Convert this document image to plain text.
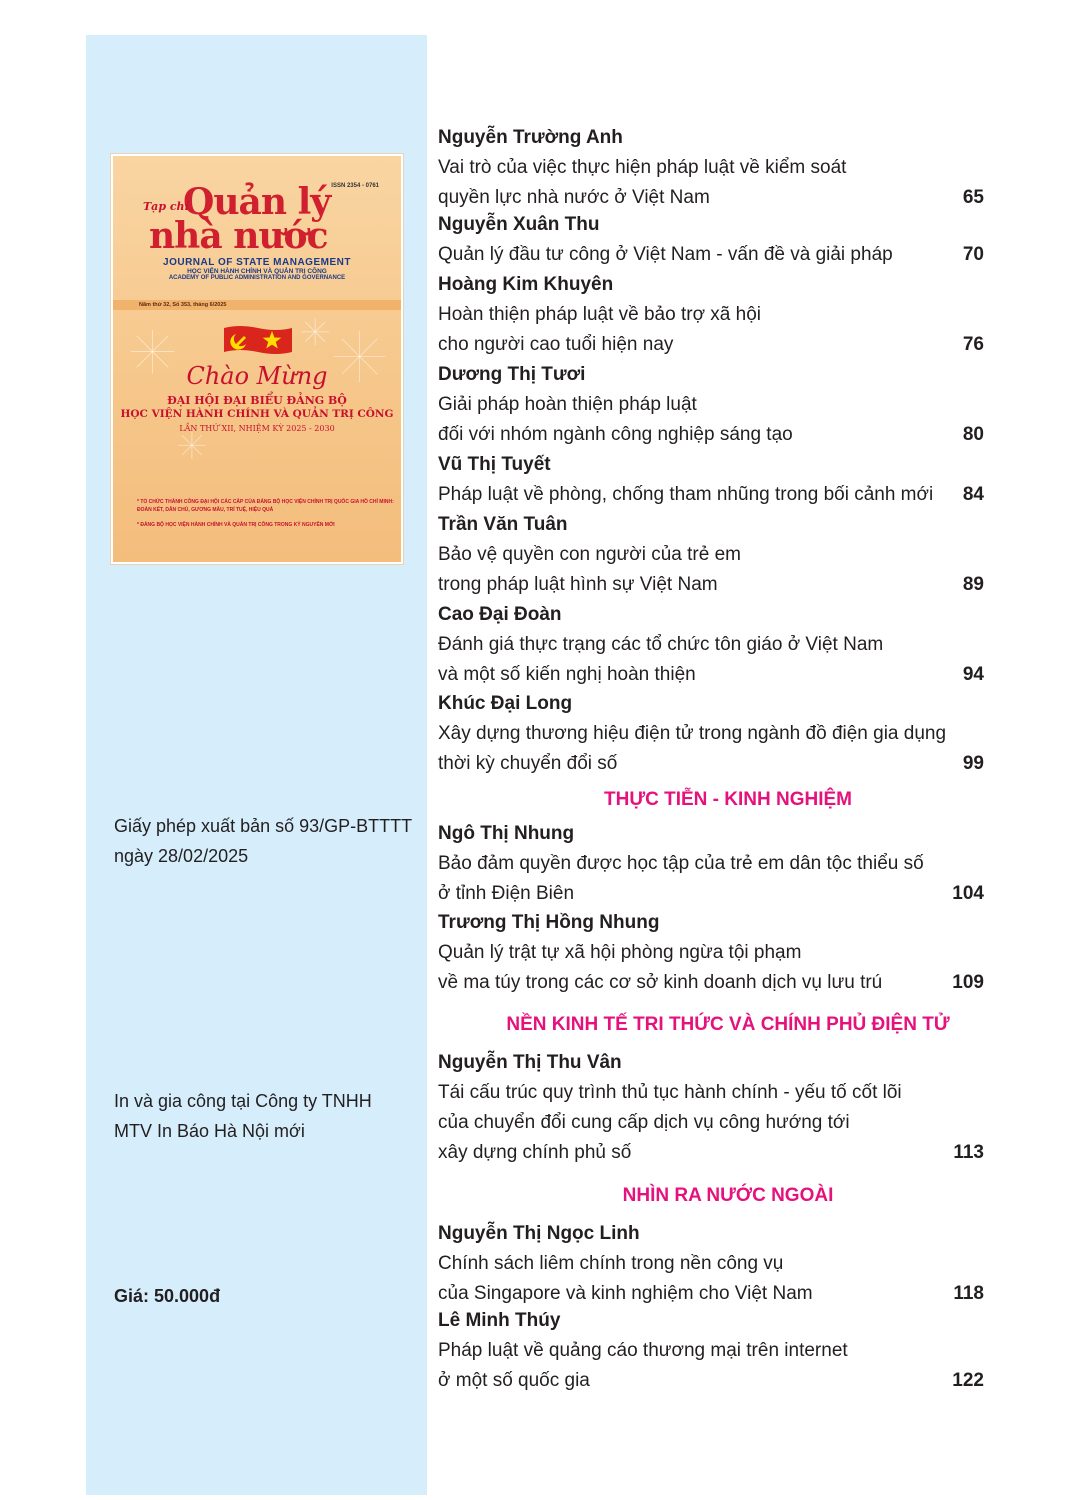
ISSN 2354 - 0761
Quản lý
Tạp chí
nhà nước
JOURNAL OF STATE MANAGEMENT
HỌC VIỆN HÀNH CHÍNH VÀ QUẢN TRỊ CÔNG
ACADEMY OF PUBLIC ADMINISTRATION AND GOVERNANCE
Năm thứ 32, Số 353, tháng 6/2025
Chào Mừng
ĐẠI HỘI ĐẠI BIỂU ĐẢNG BỘ
HỌC VIỆN HÀNH CHÍNH VÀ QUẢN TRỊ CÔNG
LẦN THỨ XII, NHIỆM KỲ 2025 - 2030
* TỔ CHỨC THÀNH CÔNG ĐẠI HỘI CÁC CẤP CỦA ĐẢNG BỘ HỌC VIỆN CHÍNH TRỊ QUỐC GIA HỒ CHÍ MINH: ĐOÀN KẾT, DÂN CHỦ, GƯƠNG MẪU, TRÍ TUỆ, HIỆU QUẢ
* ĐẢNG BỘ HỌC VIỆN HÀNH CHÍNH VÀ QUẢN TRỊ CÔNG TRONG KỶ NGUYÊN MỚI
Giấy phép xuất bản số 93/GP-BTTTT
ngày 28/02/2025
In và gia công tại Công ty TNHH
MTV In Báo Hà Nội mới
Giá: 50.000đ
Nguyễn Trường Anh
Vai trò của việc thực hiện pháp luật về kiểm soát
quyền lực nhà nước ở Việt Nam	65
Nguyễn Xuân Thu
Quản lý đầu tư công ở Việt Nam - vấn đề và giải pháp	70
Hoàng Kim Khuyên
Hoàn thiện pháp luật về bảo trợ xã hội
cho người cao tuổi hiện nay	76
Dương Thị Tươi
Giải pháp hoàn thiện pháp luật
đối với nhóm ngành công nghiệp sáng tạo	80
Vũ Thị Tuyết
Pháp luật về phòng, chống tham nhũng trong bối cảnh mới 84
Trần Văn Tuân
Bảo vệ quyền con người của trẻ em
trong pháp luật hình sự Việt Nam	89
Cao Đại Đoàn
Đánh giá thực trạng các tổ chức tôn giáo ở Việt Nam
và một số kiến nghị hoàn thiện	94
Khúc Đại Long
Xây dựng thương hiệu điện tử trong ngành đồ điện gia dụng
thời kỳ chuyển đổi số	99
THỰC TIỄN - KINH NGHIỆM
Ngô Thị Nhung
Bảo đảm quyền được học tập của trẻ em dân tộc thiểu số
ở tỉnh Điện Biên	104
Trương Thị Hồng Nhung
Quản lý trật tự xã hội phòng ngừa tội phạm
về ma túy trong các cơ sở kinh doanh dịch vụ lưu trú	109
NỀN KINH TẾ TRI THỨC VÀ CHÍNH PHỦ ĐIỆN TỬ
Nguyễn Thị Thu Vân
Tái cấu trúc quy trình thủ tục hành chính - yếu tố cốt lõi
của chuyển đổi cung cấp dịch vụ công hướng tới
xây dựng chính phủ số	113
NHÌN RA NƯỚC NGOÀI
Nguyễn Thị Ngọc Linh
Chính sách liêm chính trong nền công vụ
của Singapore và kinh nghiệm cho Việt Nam	118
Lê Minh Thúy
Pháp luật về quảng cáo thương mại trên internet
ở một số quốc gia	122
